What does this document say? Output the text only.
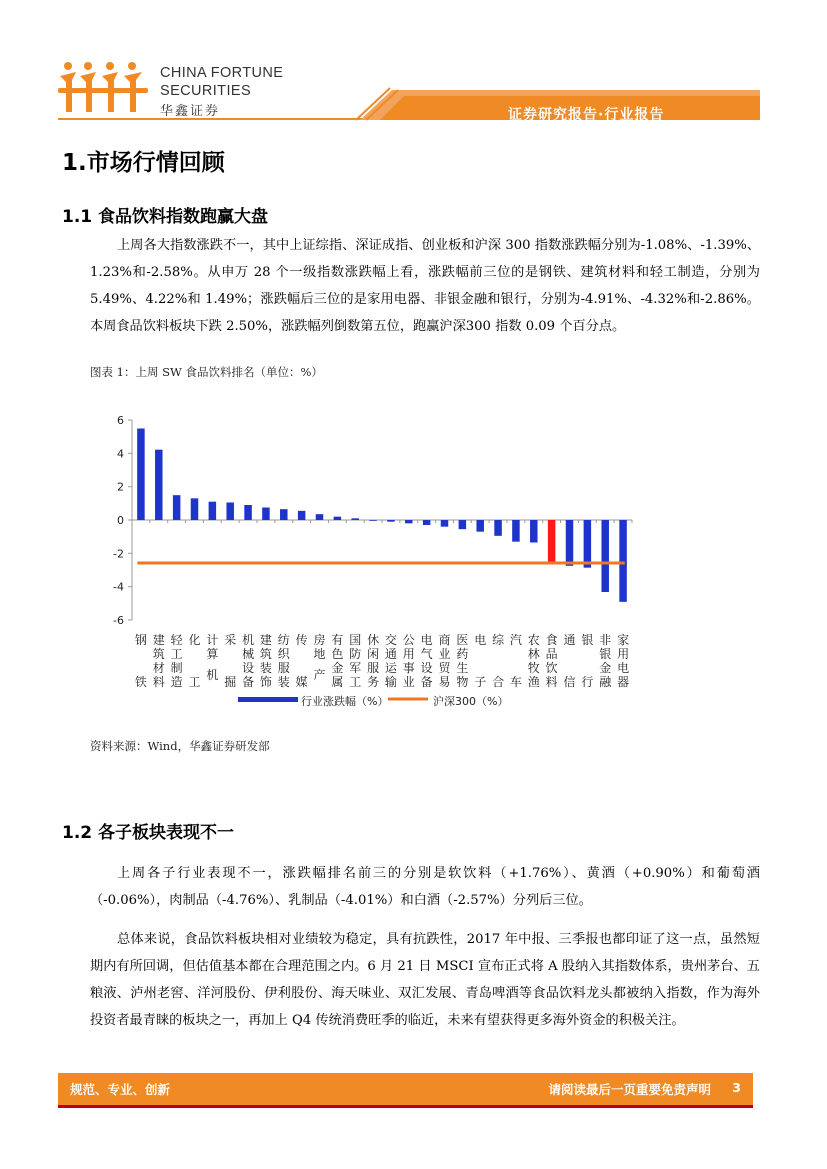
CHINA FORTUNE
SECURITIES
华鑫证券	证券研究报告·行业报告
1.市场行情回顾
1.1 食品饮料指数跑赢大盘

上周各大指数涨跌不一，其中上证综指、深证成指、创业板和沪深 300 指数涨跌幅分别为-1.08%、-1.39%、1.23%和-2.58%。从申万 28 个一级指数涨跌幅上看，涨跌幅前三位的是钢铁、建筑材料和轻工制造，分别为 5.49%、4.22%和 1.49%；涨跌幅后三位的是家用电器、非银金融和银行，分别为-4.91%、-4.32%和-2.86%。本周食品饮料板块下跌 2.50%，涨跌幅列倒数第五位，跑赢沪深300 指数 0.09 个百分点。

图表 1：上周 SW 食品饮料排名（单位：%）

6
4
2
0
-2
-4
-6
钢
铁
建
筑
材
料
轻
工
制
造
化
工
计
算
机
采
掘
机
械
设
备
建
筑
装
饰
纺
织
服
装
传
媒
房
地
产
有
色
金
属
国
防
军
工
休
闲
服
务
交
通
运
输
公
用
事
业
电
气
设
备
商
业
贸
易
医
药
生
物
电
子
综
合
汽
车
农
林
牧
渔
食
品
饮
料
通
信
银
行
非
银
金
融
家
用
电
器
行业涨跌幅（%）	沪深300（%）

资料来源：Wind，华鑫证券研发部

1.2 各子板块表现不一

上周各子行业表现不一，涨跌幅排名前三的分别是软饮料（+1.76%）、黄酒（+0.90%）和葡萄酒（-0.06%），肉制品（-4.76%）、乳制品（-4.01%）和白酒（-2.57%）分列后三位。

总体来说，食品饮料板块相对业绩较为稳定，具有抗跌性，2017 年中报、三季报也都印证了这一点，虽然短期内有所回调，但估值基本都在合理范围之内。6 月 21 日 MSCI 宣布正式将 A 股纳入其指数体系，贵州茅台、五粮液、泸州老窖、洋河股份、伊利股份、海天味业、双汇发展、青岛啤酒等食品饮料龙头都被纳入指数，作为海外投资者最青睐的板块之一，再加上 Q4 传统消费旺季的临近，未来有望获得更多海外资金的积极关注。

规范、专业、创新	请阅读最后一页重要免责声明 3
